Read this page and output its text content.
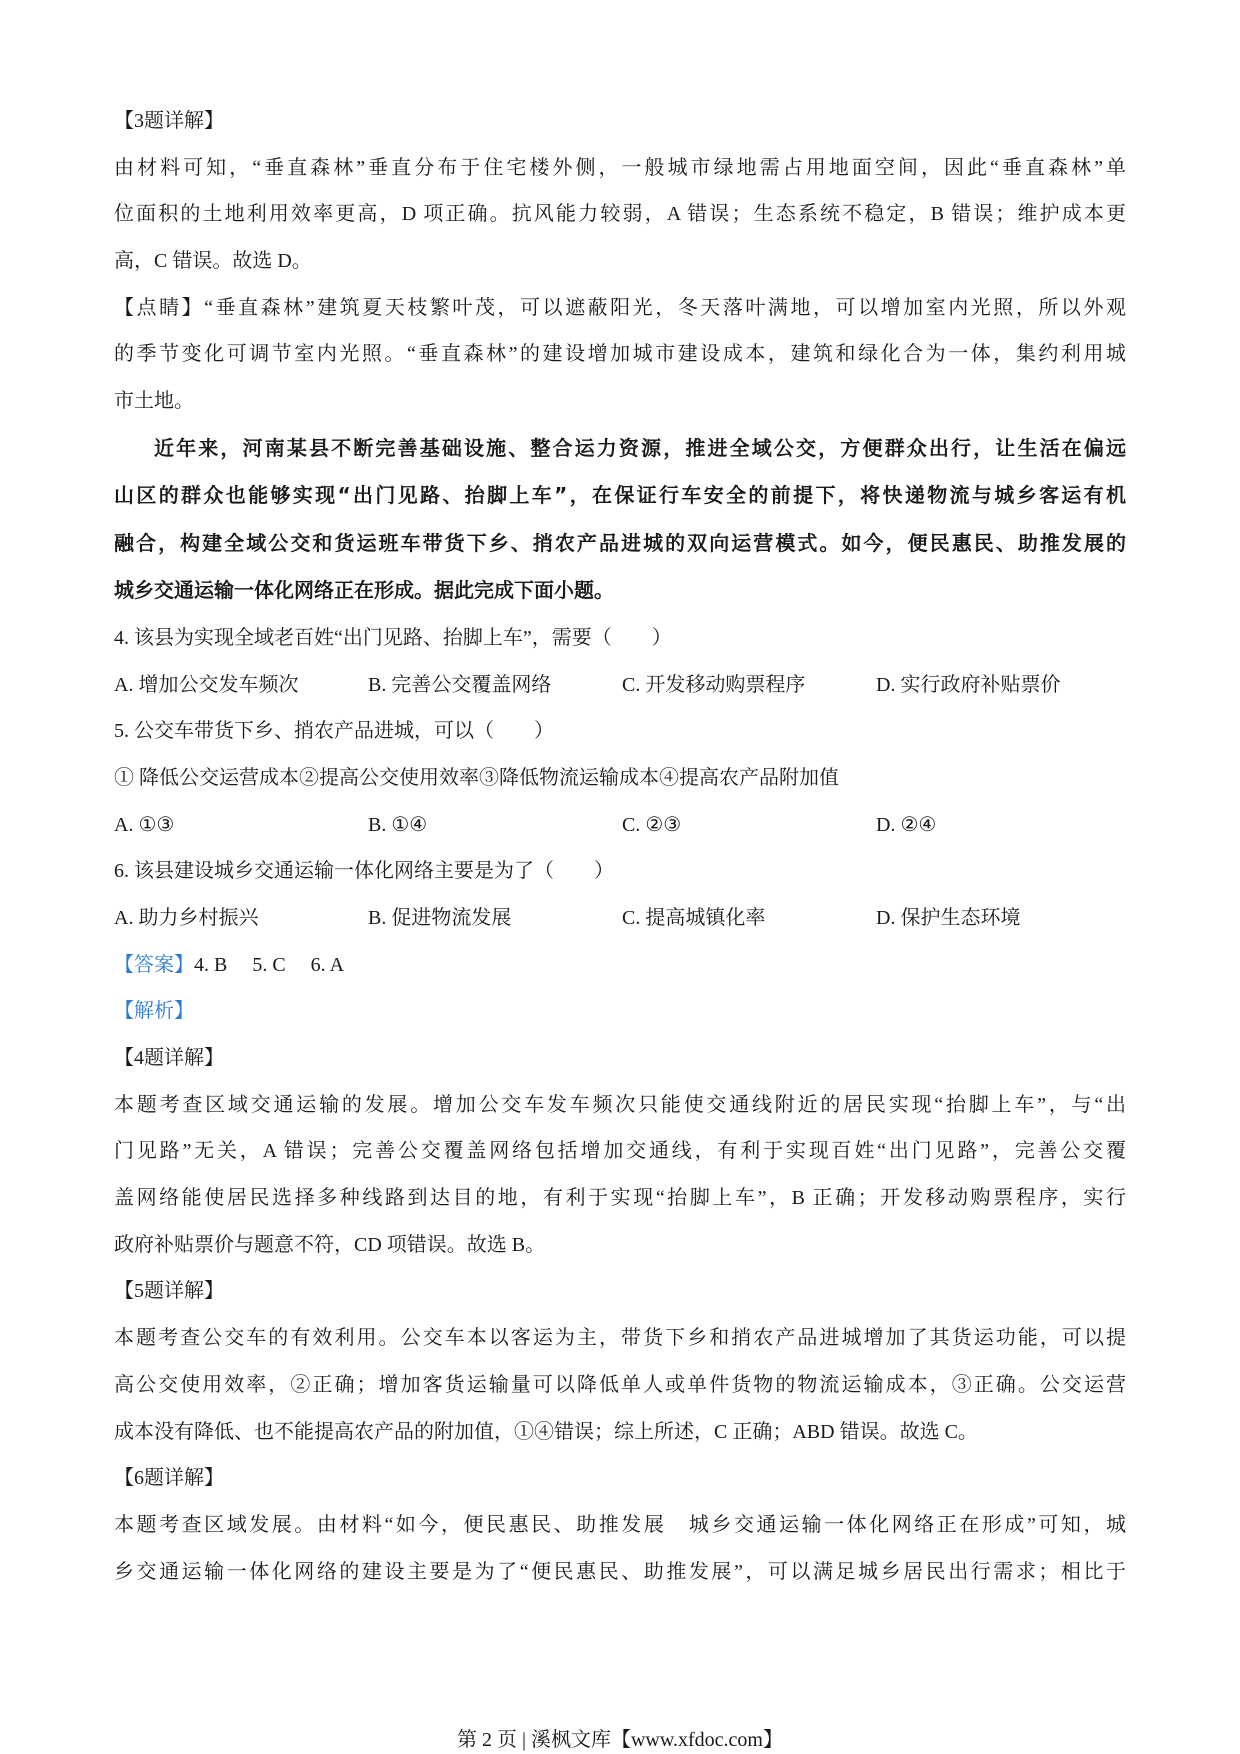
【3题详解】
由材料可知，“垂直森林”垂直分布于住宅楼外侧，一般城市绿地需占用地面空间，因此“垂直森林”单
位面积的土地利用效率更高，D 项正确。抗风能力较弱，A 错误；生态系统不稳定，B 错误；维护成本更
高，C 错误。故选 D。
【点睛】“垂直森林”建筑夏天枝繁叶茂，可以遮蔽阳光，冬天落叶满地，可以增加室内光照，所以外观
的季节变化可调节室内光照。“垂直森林”的建设增加城市建设成本，建筑和绿化合为一体，集约利用城
市土地。
近年来，河南某县不断完善基础设施、整合运力资源，推进全域公交，方便群众出行，让生活在偏远
山区的群众也能够实现“出门见路、抬脚上车”，在保证行车安全的前提下，将快递物流与城乡客运有机
融合，构建全域公交和货运班车带货下乡、捎农产品进城的双向运营模式。如今，便民惠民、助推发展的
城乡交通运输一体化网络正在形成。据此完成下面小题。
4. 该县为实现全域老百姓“出门见路、抬脚上车”，需要（　　）
A. 增加公交发车频次	B. 完善公交覆盖网络	C. 开发移动购票程序	D. 实行政府补贴票价
5. 公交车带货下乡、捎农产品进城，可以（　　）
① 降低公交运营成本②提高公交使用效率③降低物流运输成本④提高农产品附加值
A. ①③	B. ①④	C. ②③	D. ②④
6. 该县建设城乡交通运输一体化网络主要是为了（　　）
A. 助力乡村振兴	B. 促进物流发展	C. 提高城镇化率	D. 保护生态环境
【答案】4. B　 5. C　 6. A
【解析】
【4题详解】
本题考查区域交通运输的发展。增加公交车发车频次只能使交通线附近的居民实现“抬脚上车”，与“出
门见路”无关，A 错误；完善公交覆盖网络包括增加交通线，有利于实现百姓“出门见路”，完善公交覆
盖网络能使居民选择多种线路到达目的地，有利于实现“抬脚上车”，B 正确；开发移动购票程序，实行
政府补贴票价与题意不符，CD 项错误。故选 B。
【5题详解】
本题考查公交车的有效利用。公交车本以客运为主，带货下乡和捎农产品进城增加了其货运功能，可以提
高公交使用效率，②正确；增加客货运输量可以降低单人或单件货物的物流运输成本，③正确。公交运营
成本没有降低、也不能提高农产品的附加值，①④错误；综上所述，C 正确；ABD 错误。故选 C。
【6题详解】
本题考查区域发展。由材料“如今，便民惠民、助推发展　城乡交通运输一体化网络正在形成”可知，城
乡交通运输一体化网络的建设主要是为了“便民惠民、助推发展”，可以满足城乡居民出行需求；相比于
第 2 页 | 溪枫文库【www.xfdoc.com】
